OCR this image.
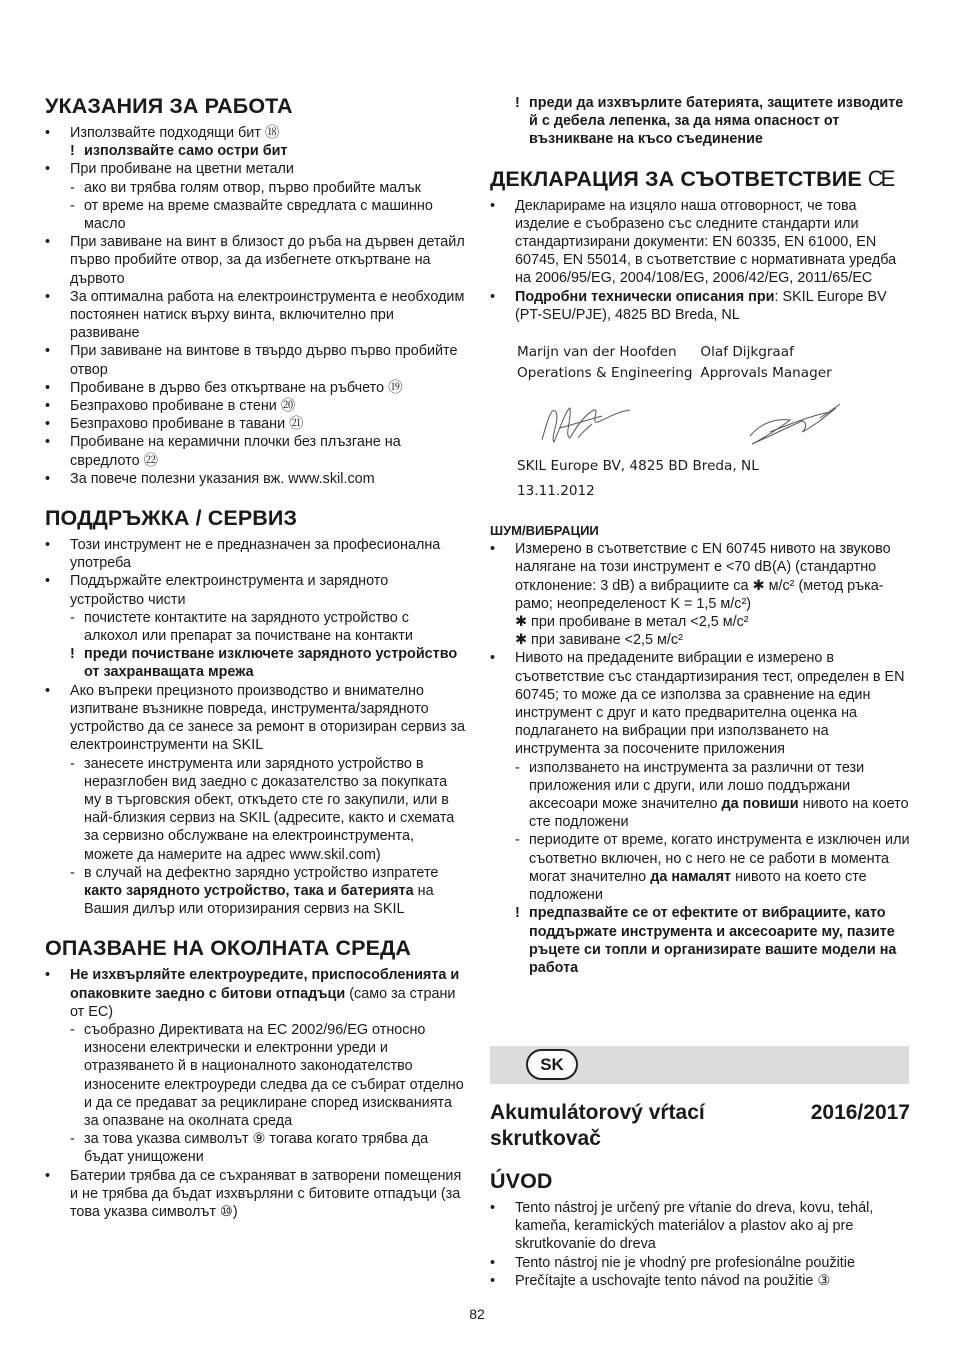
УКАЗАНИЯ ЗА РАБОТА
• Използвайте подходящи бит ⑱
! използвайте само остри бит
• При пробиване на цветни метали
- ако ви трябва голям отвор, първо пробийте малък
- от време на време смазвайте свредлата с машинно масло
• При завиване на винт в близост до ръба на дървен детайл първо пробийте отвор, за да избегнете откъртване на дървото
• За оптимална работа на електроинструмента е необходим постоянен натиск върху винта, включително при развиване
• При завиване на винтове в твърдо дърво първо пробийте отвор
• Пробиване в дърво без откъртване на ръбчето ⑲
• Безпрахово пробиване в стени ⑳
• Безпрахово пробиване в тавани ㉑
• Пробиване на керамични плочки без плъзгане на свредлото ㉒
• За повече полезни указания вж. www.skil.com
ПОДДРЪЖКА / СЕРВИЗ
• Този инструмент не е предназначен за професионална употреба
• Поддържайте електроинструмента и зарядното устройство чисти
- почистете контактите на зарядното устройство с алкохол или препарат за почистване на контакти
! преди почистване изключете зарядното устройство от захранващата мрежа
• Ако въпреки прецизното производство и внимателно изпитване възникне повреда, инструмента/зарядното устройство да се занесе за ремонт в оторизиран сервиз за електроинструменти на SKIL
- занесете инструмента или зарядното устройство в неразглобен вид заедно с доказателство за покупката му в търговския обект, откъдето сте го закупили, или в най-близкия сервиз на SKIL (адресите, както и схемата за сервизно обслужване на електроинструмента, можете да намерите на адрес www.skil.com)
- в случай на дефектно зарядно устройство изпратете както зарядното устройство, така и батерията на Вашия дилър или оторизирания сервиз на SKIL
ОПАЗВАНЕ НА ОКОЛНАТА СРЕДА
• Не изхвърляйте електроуредите, приспособленията и опаковките заедно с битови отпадъци (само за страни от ЕС)
- съобразно Директивата на ЕС 2002/96/EG относно износени електрически и електронни уреди и отразяването й в националното законодателство износените електроуреди следва да се събират отделно и да се предават за рециклиране според изискванията за опазване на околната среда
- за това указва символът ⑨ тогава когато трябва да бъдат унищожени
• Батерии трябва да се съхраняват в затворени помещения и не трябва да бъдат изхвърляни с битовите отпадъци (за това указва символът ⑩)
! преди да изхвърлите батерията, защитете изводите й с дебела лепенка, за да няма опасност от възникване на късо съединение
ДЕКЛАРАЦИЯ ЗА СЪОТВЕТСТВИЕ CE
• Декларираме на изцяло наша отговорност, че това изделие е съобразено със следните стандарти или стандартизирани документи: EN 60335, EN 61000, EN 60745, EN 55014, в съответствие с нормативната уредба на 2006/95/EG, 2004/108/EG, 2006/42/EG, 2011/65/EC
• Подробни технически описания при: SKIL Europe BV (PT-SEU/PJE), 4825 BD Breda, NL
Marijn van der Hoofden
Operations & Engineering
Olaf Dijkgraaf
Approvals Manager
SKIL Europe BV, 4825 BD Breda, NL
13.11.2012
ШУМ/ВИБРАЦИИ
• Измерено в съответствие с EN 60745 нивото на звуково налягане на този инструмент е <70 dB(A) (стандартно отклонение: 3 dB) а вибрациите са ✱ м/с² (метод ръка-рамо; неопределеност K = 1,5 м/с²)
✱ при пробиване в метал <2,5 м/с²
✱ при завиване <2,5 м/с²
• Нивото на предадените вибрации е измерено в съответствие със стандартизирания тест, определен в EN 60745; то може да се използва за сравнение на един инструмент с друг и като предварителна оценка на подлагането на вибрации при използването на инструмента за посочените приложения
- използването на инструмента за различни от тези приложения или с други, или лошо поддържани аксесоари може значително да повиши нивото на което сте подложени
- периодите от време, когато инструмента е изключен или съответно включен, но с него не се работи в момента могат значително да намалят нивото на което сте подложени
! предпазвайте се от ефектите от вибрациите, като поддържате инструмента и аксесоарите му, пазите ръцете си топли и организирате вашите модели на работа
SK
Akumulátorový vŕtací skrutkovač
2016/2017
ÚVOD
• Tento nástroj je určený pre vŕtanie do dreva, kovu, tehál, kameňa, keramických materiálov a plastov ako aj pre skrutkovanie do dreva
• Tento nástroj nie je vhodný pre profesionálne použitie
• Prečítajte a uschovajte tento návod na použitie ③
82
